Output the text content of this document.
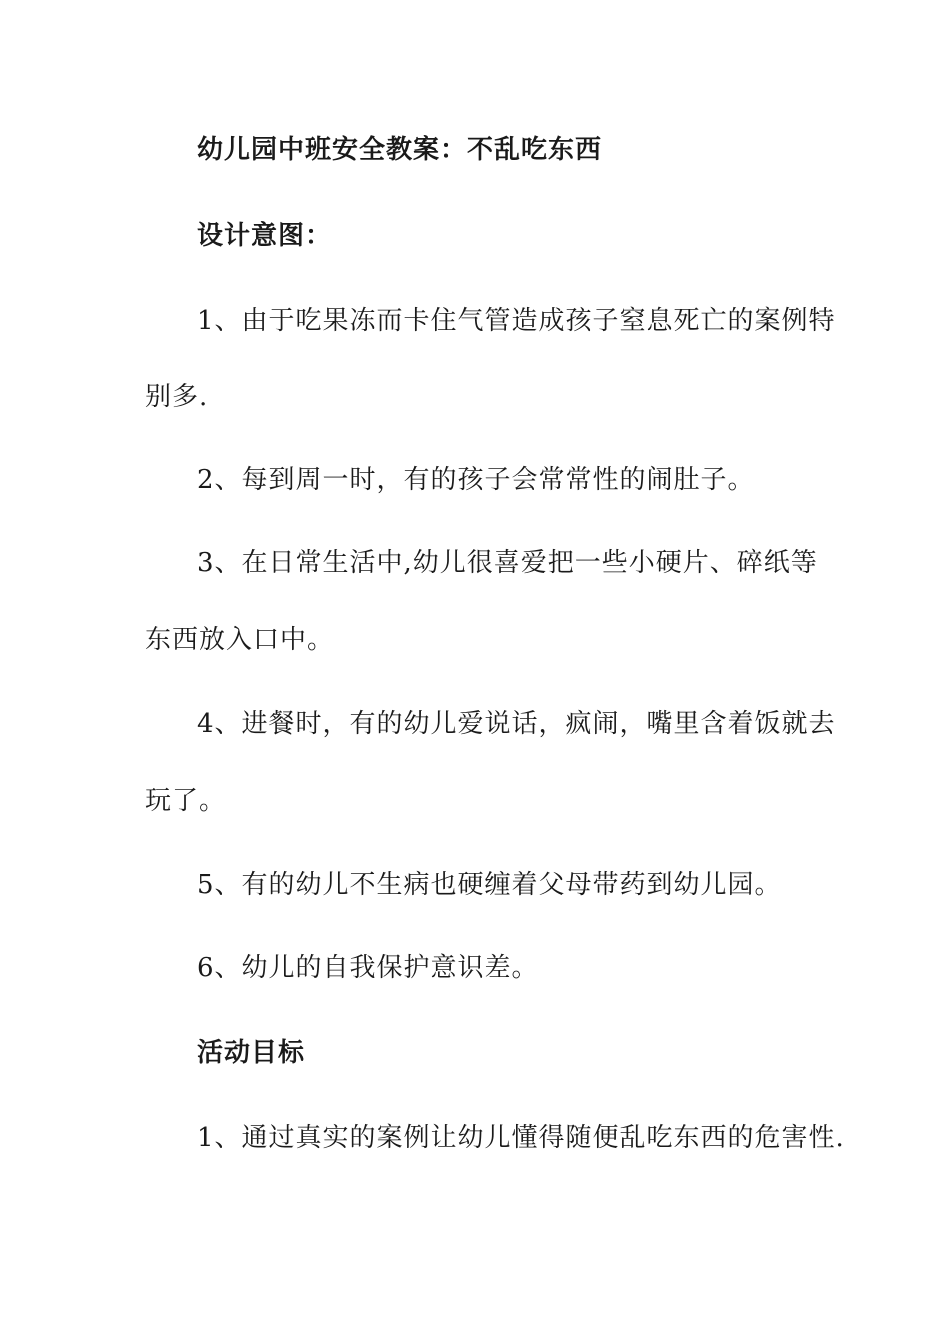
幼儿园中班安全教案：不乱吃东西
设计意图：
1、由于吃果冻而卡住气管造成孩子窒息死亡的案例特
别多.
2、每到周一时，有的孩子会常常性的闹肚子。
3、在日常生活中,幼儿很喜爱把一些小硬片、碎纸等
东西放入口中。
4、进餐时，有的幼儿爱说话，疯闹，嘴里含着饭就去
玩了。
5、有的幼儿不生病也硬缠着父母带药到幼儿园。
6、幼儿的自我保护意识差。
活动目标
1、通过真实的案例让幼儿懂得随便乱吃东西的危害性.
